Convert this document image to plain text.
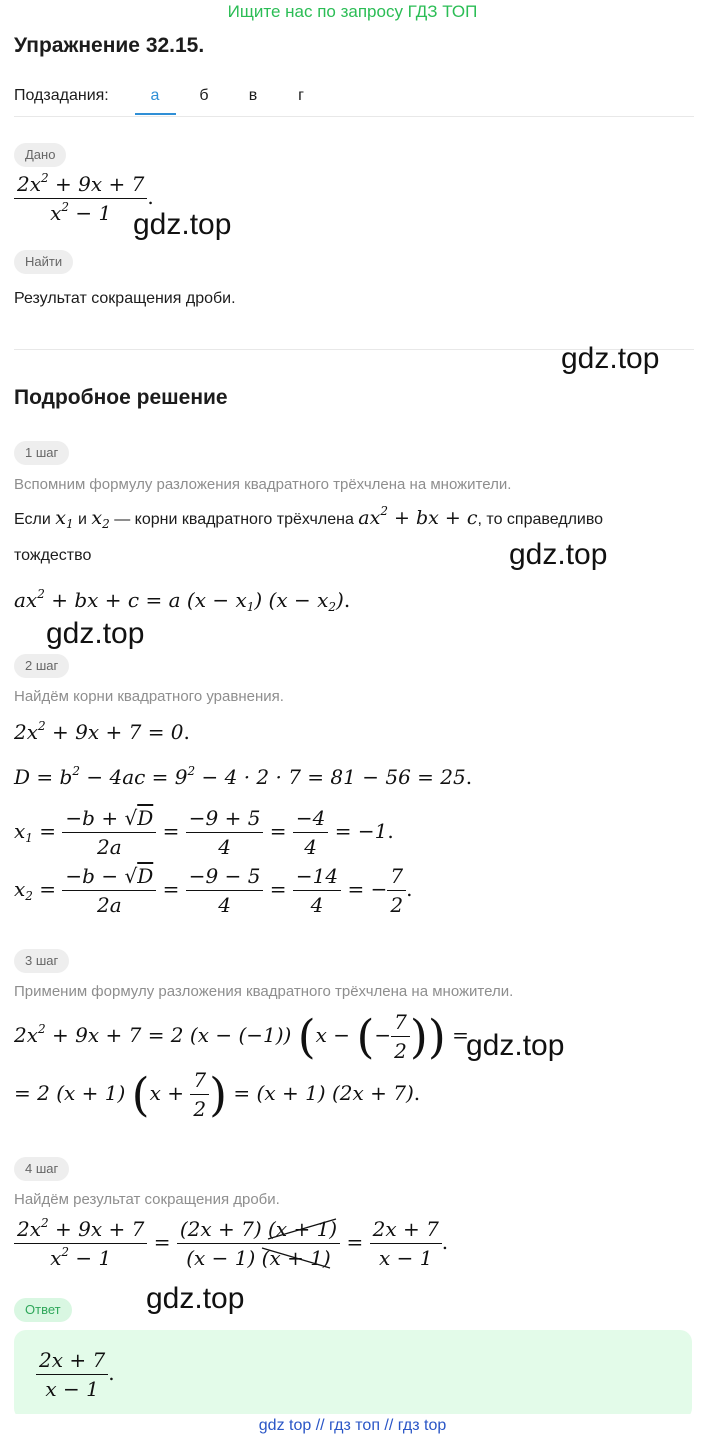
Ищите нас по запросу ГДЗ ТОП
Упражнение 32.15.
Подзадания:	а	б	в	г
Дано
$\frac{2x^2 + 9x + 7}{x^2 - 1}$ .
gdz.top
Найти
Результат сокращения дроби.
gdz.top
Подробное решение
1 шаг
Вспомним формулу разложения квадратного трёхчлена на множители.
Если $x_1$ и $x_2$ — корни квадратного трёхчлена $ax^2$ + bx + c, то справедливо
тождество	gdz.top
$ax^2$ + bx + c = a $(x - x_1)$ $(x - x_2)$.
gdz.top
2 шаг
Найдём корни квадратного уравнения.
$2x^2 + 9x + 7 = 0$.
$D = b^2 - 4ac = 9^2 - 4 \cdot 2 \cdot 7 = 81 - 56 = 25$.
$x_1 = \frac{-b + √D}{2a} = \frac{-9 + 5}{4} = \frac{-4}{4} = -1$.
$x_2 = \frac{-b - √D}{2a} = \frac{-9 - 5}{4} = \frac{-14}{4}$ = − $\frac{7}{2}$ .
3 шаг
Применим формулу разложения квадратного трёхчлена на множители.
$2x^2 + 9x + 7 = 2$ (x − (−1)) (x − (− $\frac{7}{2}$ )) =
gdz.top
= 2 (x + 1) ($x + \frac{7}{2}$ ) = (x + 1) (2x + 7).
4 шаг
Найдём результат сокращения дроби.
$\frac{2x^2 + 9x + 7}{x^2 - 1} = \frac{(2x + 7) (x + 1)}{(x - 1) (x + 1)} = \frac{2x + 7}{x - 1}$ .
Ответ	gdz.top
$\frac{2x + 7}{x - 1}$ .
gdz top // гдз топ // гдз top
